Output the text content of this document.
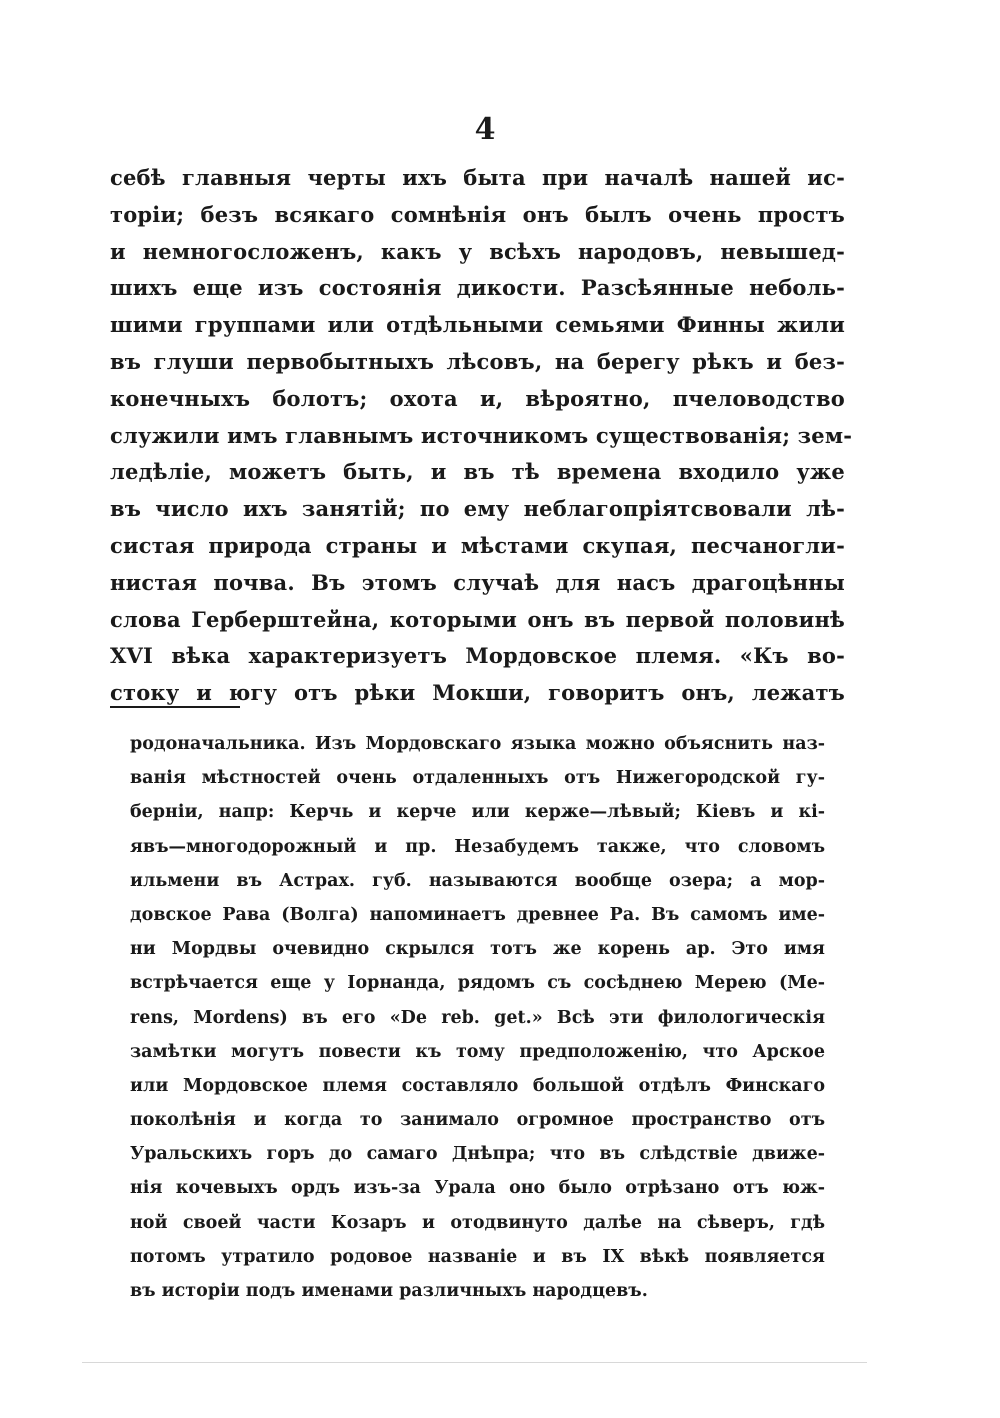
4
себѣ главныя черты ихъ быта при началѣ нашей ис-
торіи; безъ всякаго сомнѣнія онъ былъ очень простъ
и немногосложенъ, какъ у всѣхъ народовъ, невышед-
шихъ еще изъ состоянія дикости. Разсѣянные неболь-
шими группами или отдѣльными семьями Финны жили
въ глуши первобытныхъ лѣсовъ, на берегу рѣкъ и без-
конечныхъ болотъ; охота и, вѣроятно, пчеловодство
служили имъ главнымъ источникомъ существованія; зем-
ледѣліе, можетъ быть, и въ тѣ времена входило уже
въ число ихъ занятій; по ему неблагопріятсвовали лѣ-
систая природа страны и мѣстами скупая, песчаногли-
нистая почва. Въ этомъ случаѣ для насъ драгоцѣнны
слова Герберштейна, которыми онъ въ первой половинѣ
XVI вѣка характеризуетъ Мордовское племя. «Къ во-
стоку и югу отъ рѣки Мокши, говоритъ онъ, лежатъ
родоначальника. Изъ Мордовскаго языка можно объяснить наз-
ванія мѣстностей очень отдаленныхъ отъ Нижегородской гу-
берніи, напр: Керчь и керче или керже—лѣвый; Кіевъ и кі-
явъ—многодорожный и пр. Незабудемъ также, что словомъ
ильмени въ Астрах. губ. называются вообще озера; а мор-
довское Рава (Волга) напоминаетъ древнее Ра. Въ самомъ име-
ни Мордвы очевидно скрылся тотъ же корень ар. Это имя
встрѣчается еще у Іорнанда, рядомъ съ сосѣднею Мерею (Me-
rens, Mordens) въ его «De reb. get.» Всѣ эти филологическія
замѣтки могутъ повести къ тому предположенію, что Арское
или Мордовское племя составляло большой отдѣлъ Финскаго
поколѣнія и когда то занимало огромное пространство отъ
Уральскихъ горъ до самаго Днѣпра; что въ слѣдствіе движе-
нія кочевыхъ ордъ изъ-за Урала оно было отрѣзано отъ юж-
ной своей части Козаръ и отодвинуто далѣе на сѣверъ, гдѣ
потомъ утратило родовое названіе и въ IX вѣкѣ появляется
въ исторіи подъ именами различныхъ народцевъ.
